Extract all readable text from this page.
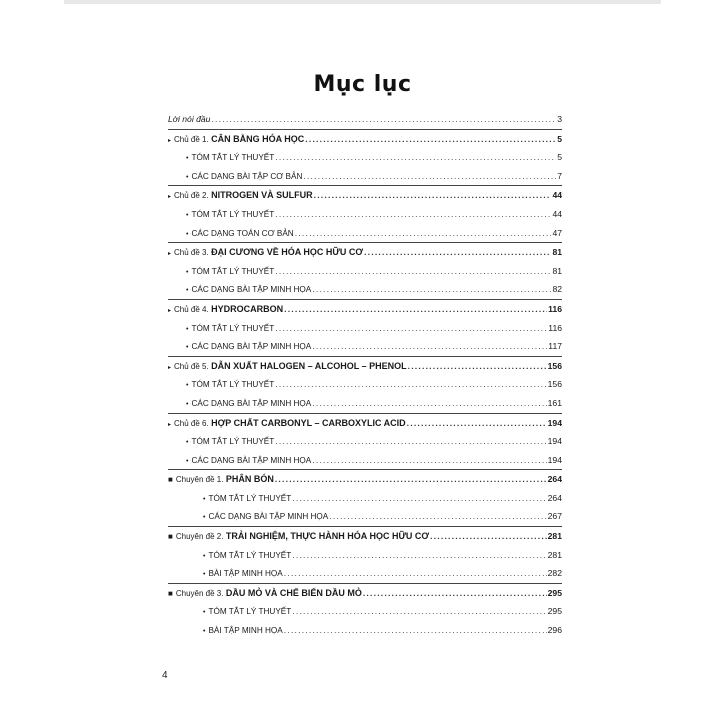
Mục lục
Lời nói đầu .....	3
▸ Chủ đề 1. CÂN BẰNG HÓA HỌC .....	5
• TÓM TẮT LÝ THUYẾT .....	5
• CÁC DẠNG BÀI TẬP CƠ BẢN .....	7
▸ Chủ đề 2. NITROGEN VÀ SULFUR .....	44
• TÓM TẮT LÝ THUYẾT .....	44
• CÁC DẠNG TOÁN CƠ BẢN .....	47
▸ Chủ đề 3. ĐẠI CƯƠNG VỀ HÓA HỌC HỮU CƠ .....	81
• TÓM TẮT LÝ THUYẾT .....	81
• CÁC DẠNG BÀI TẬP MINH HỌA .....	82
▸ Chủ đề 4. HYDROCARBON .....	116
• TÓM TẮT LÝ THUYẾT .....	116
• CÁC DẠNG BÀI TẬP MINH HỌA .....	117
▸ Chủ đề 5. DẪN XUẤT HALOGEN – ALCOHOL – PHENOL .....	156
• TÓM TẮT LÝ THUYẾT .....	156
• CÁC DẠNG BÀI TẬP MINH HỌA .....	161
▸ Chủ đề 6. HỢP CHẤT CARBONYL – CARBOXYLIC ACID .....	194
• TÓM TẮT LÝ THUYẾT .....	194
• CÁC DẠNG BÀI TẬP MINH HỌA .....	194
■ Chuyên đề 1. PHÂN BÓN .....	264
• TÓM TẮT LÝ THUYẾT .....	264
• CÁC DẠNG BÀI TẬP MINH HỌA .....	267
■ Chuyên đề 2. TRẢI NGHIỆM, THỰC HÀNH HÓA HỌC HỮU CƠ .....	281
• TÓM TẮT LÝ THUYẾT .....	281
• BÀI TẬP MINH HỌA .....	282
■ Chuyên đề 3. DẦU MỎ VÀ CHẾ BIẾN DẦU MỎ .....	295
• TÓM TẮT LÝ THUYẾT .....	295
• BÀI TẬP MINH HỌA .....	296
4
